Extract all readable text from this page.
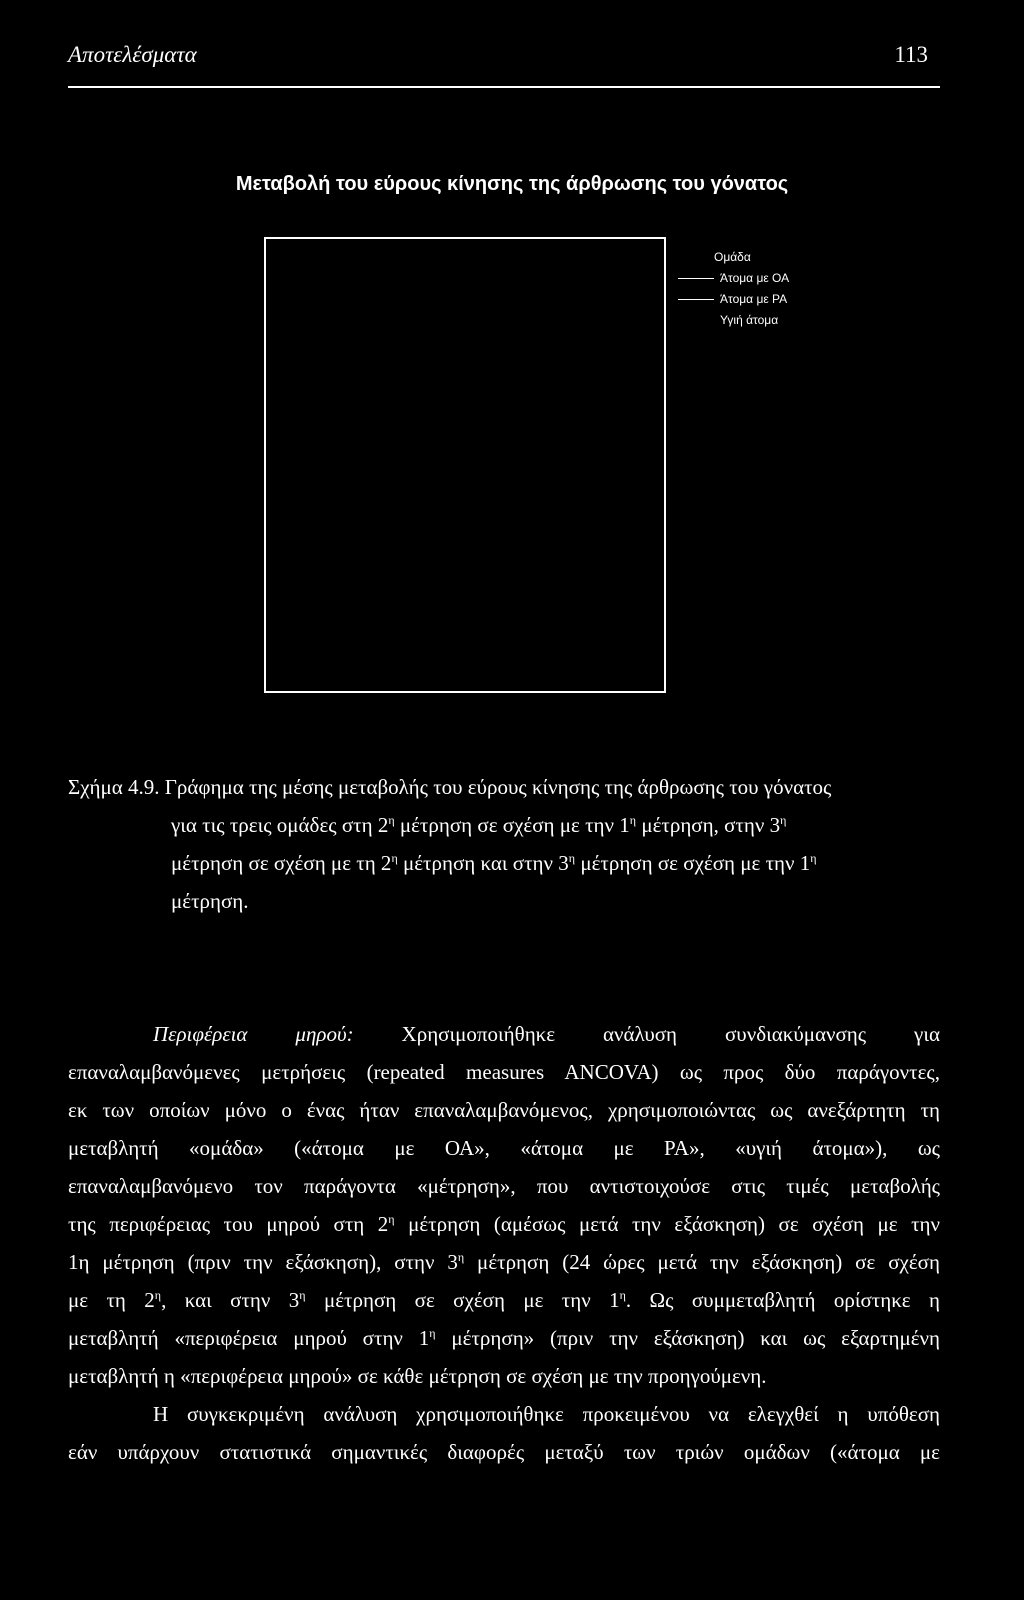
Αποτελέσματα	113
Μεταβολή του εύρους κίνησης της άρθρωσης του γόνατος
Ομάδα
Άτομα με ΟΑ
Άτομα με ΡΑ
Υγιή άτομα
Σχήμα 4.9. Γράφημα της μέσης μεταβολής του εύρους κίνησης της άρθρωσης του γόνατος
για τις τρεις ομάδες στη $2^\eta$ μέτρηση σε σχέση με την $1^\eta$ μέτρηση, στην $3^\eta$
μέτρηση σε σχέση με τη $2^\eta$ μέτρηση και στην $3^\eta$ μέτρηση σε σχέση με την $1^\eta$
μέτρηση.
Περιφέρεια μηρού: Χρησιμοποιήθηκε ανάλυση συνδιακύμανσης για
επαναλαμβανόμενες μετρήσεις (repeated measures ANCOVA) ως προς δύο παράγοντες,
εκ των οποίων μόνο ο ένας ήταν επαναλαμβανόμενος, χρησιμοποιώντας ως ανεξάρτητη τη
μεταβλητή «ομάδα» («άτομα με ΟΑ», «άτομα με ΡΑ», «υγιή άτομα»), ως
επαναλαμβανόμενο τον παράγοντα «μέτρηση», που αντιστοιχούσε στις τιμές μεταβολής
της περιφέρειας του μηρού στη $2^\eta$ μέτρηση (αμέσως μετά την εξάσκηση) σε σχέση με την
1η μέτρηση (πριν την εξάσκηση), στην $3^\eta$ μέτρηση (24 ώρες μετά την εξάσκηση) σε σχέση
με τη $2^\eta$, και στην $3^\eta$ μέτρηση σε σχέση με την $1^\eta$. Ως συμμεταβλητή ορίστηκε η
μεταβλητή «περιφέρεια μηρού στην $1^\eta$ μέτρηση» (πριν την εξάσκηση) και ως εξαρτημένη
μεταβλητή η «περιφέρεια μηρού» σε κάθε μέτρηση σε σχέση με την προηγούμενη.
Η συγκεκριμένη ανάλυση χρησιμοποιήθηκε προκειμένου να ελεγχθεί η υπόθεση
εάν υπάρχουν στατιστικά σημαντικές διαφορές μεταξύ των τριών ομάδων («άτομα με
